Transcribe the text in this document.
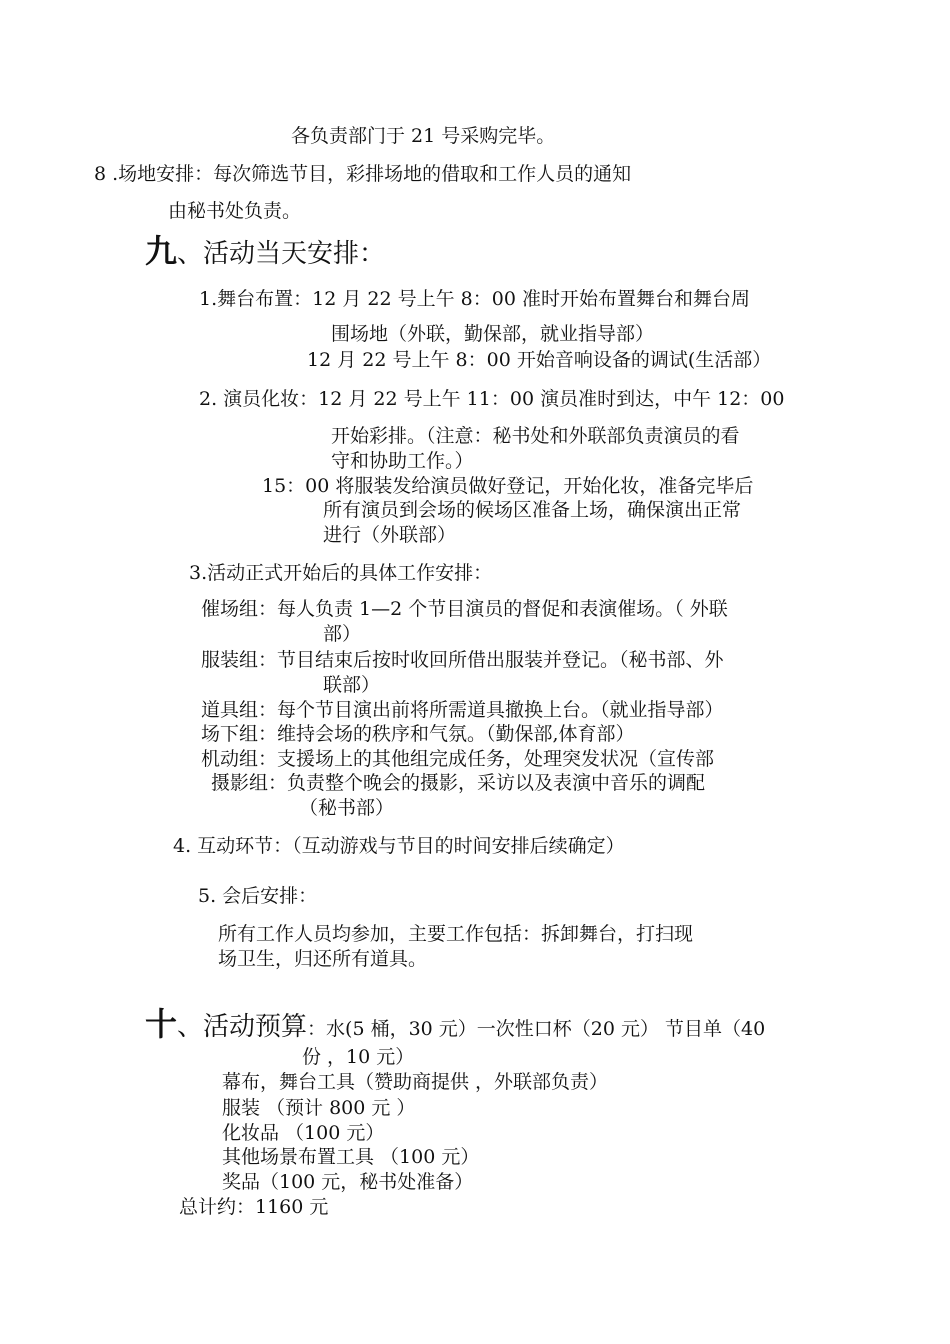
各负责部门于 21 号采购完毕。
8 .场地安排：每次筛选节目，彩排场地的借取和工作人员的通知
由秘书处负责。
九、活动当天安排：
1.舞台布置：12 月 22 号上午 8：00 准时开始布置舞台和舞台周
围场地（外联，勤保部，就业指导部）
12 月 22 号上午 8：00 开始音响设备的调试(生活部）
2. 演员化妆：12 月 22 号上午 11：00 演员准时到达，中午 12：00
开始彩排。（注意：秘书处和外联部负责演员的看
守和协助工作。）
15：00 将服装发给演员做好登记，开始化妆，准备完毕后
所有演员到会场的候场区准备上场，确保演出正常
进行（外联部）
3.活动正式开始后的具体工作安排：
催场组：每人负责 1—2 个节目演员的督促和表演催场。（ 外联
部）
服装组：节目结束后按时收回所借出服装并登记。（秘书部、外
联部）
道具组：每个节目演出前将所需道具撤换上台。（就业指导部）
场下组：维持会场的秩序和气氛。（勤保部,体育部）
机动组：支援场上的其他组完成任务，处理突发状况（宣传部
摄影组：负责整个晚会的摄影，采访以及表演中音乐的调配
（秘书部）
4. 互动环节：（互动游戏与节目的时间安排后续确定）
5. 会后安排：
所有工作人员均参加，主要工作包括：拆卸舞台，打扫现
场卫生，归还所有道具。
十、活动预算：水(5 桶，30 元）一次性口杯（20 元） 节目单（40
份 ，10 元）
幕布，舞台工具（赞助商提供 ，外联部负责）
服装 （预计 800 元 ）
化妆品 （100 元）
其他场景布置工具 （100 元）
奖品（100 元，秘书处准备）
总计约：1160 元
